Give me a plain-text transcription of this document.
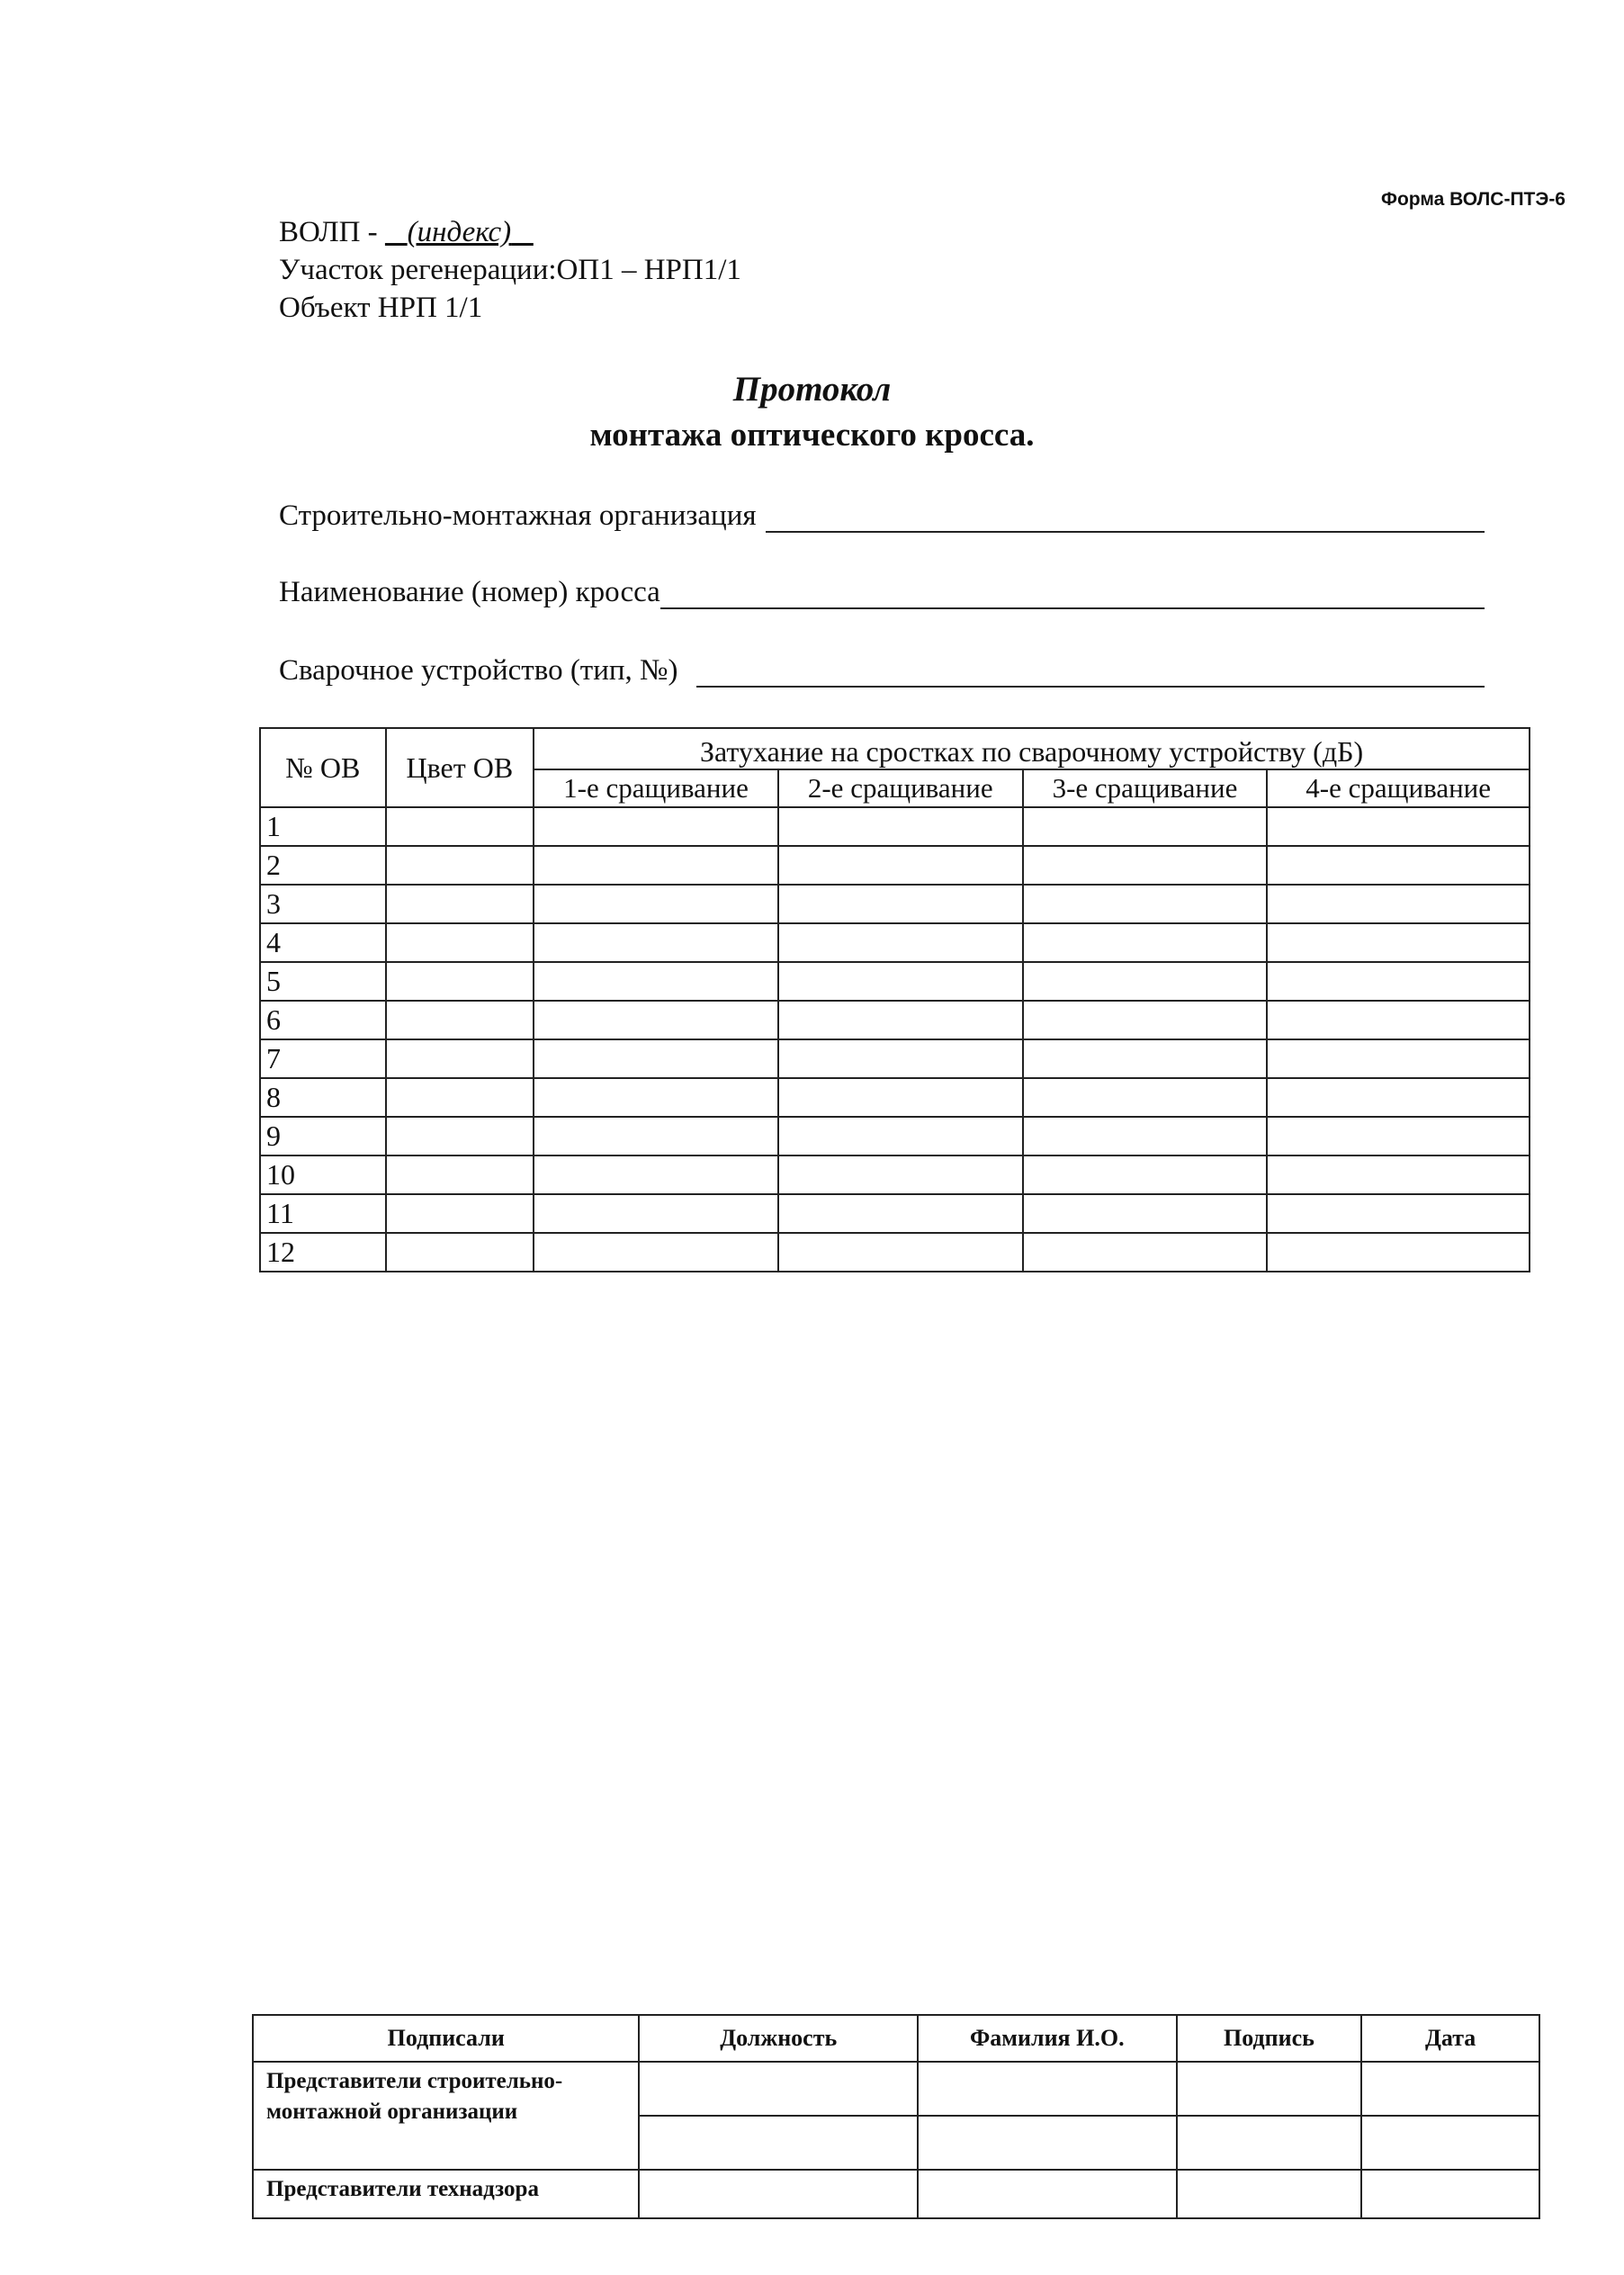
Форма ВОЛС-ПТЭ-6
ВОЛП -    (индекс)
Участок регенерации:ОП1 – НРП1/1
Объект НРП 1/1
Протокол
монтажа оптического кросса.
Строительно-монтажная организация
Наименование (номер) кросса
Сварочное устройство (тип, №)
№ ОВ	Цвет ОВ	Затухание на сростках по сварочному устройству (дБ)			
		1-е сращивание	2-е сращивание	3-е сращивание	4-е сращивание
1					
2					
3					
4					
5					
6					
7					
8					
9					
10					
11					
12					
Подписали	Должность	Фамилия И.О.	Подпись	Дата
Представители строительно-монтажной организации				

Представители технадзора				
